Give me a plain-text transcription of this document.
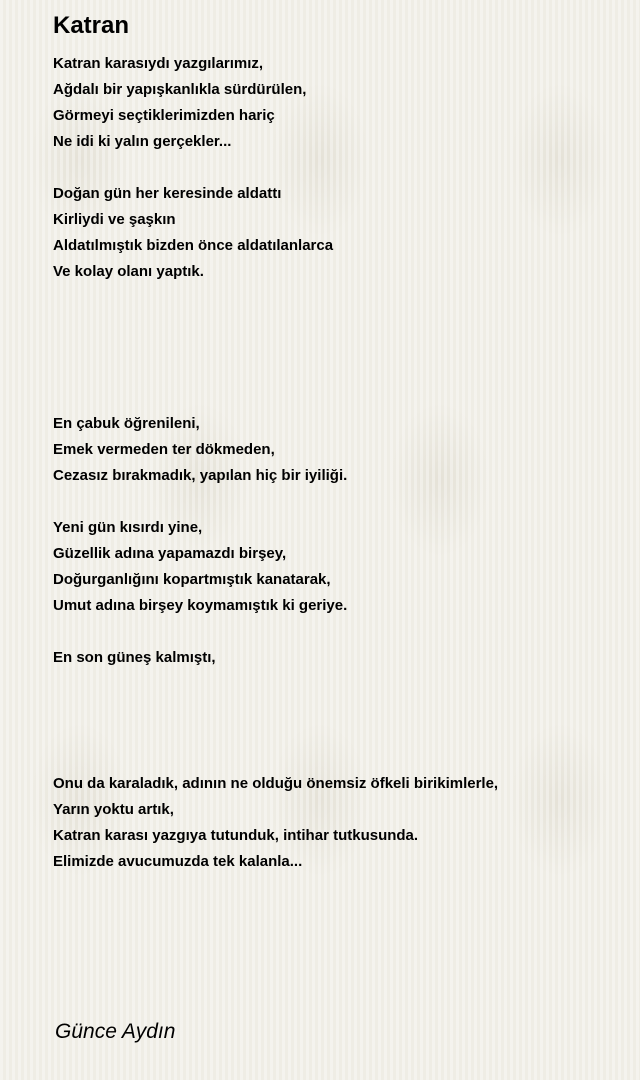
Katran
Katran karasıydı yazgılarımız,
Ağdalı bir yapışkanlıkla sürdürülen,
Görmeyi seçtiklerimizden hariç
Ne idi ki yalın gerçekler...
Doğan gün her keresinde aldattı
Kirliydi ve şaşkın
Aldatılmıştık bizden önce aldatılanlarca
Ve kolay olanı yaptık.
En çabuk öğrenileni,
Emek vermeden ter dökmeden,
Cezasız bırakmadık, yapılan hiç bir iyiliği.
Yeni gün kısırdı yine,
Güzellik adına yapamazdı birşey,
Doğurganlığını kopartmıştık kanatarak,
Umut adına birşey koymamıştık ki geriye.
En son güneş kalmıştı,
Onu da karaladık, adının ne olduğu önemsiz öfkeli birikimlerle,
Yarın yoktu artık,
Katran karası yazgıya tutunduk, intihar tutkusunda.
Elimizde avucumuzda tek kalanla...

Günce Aydın
